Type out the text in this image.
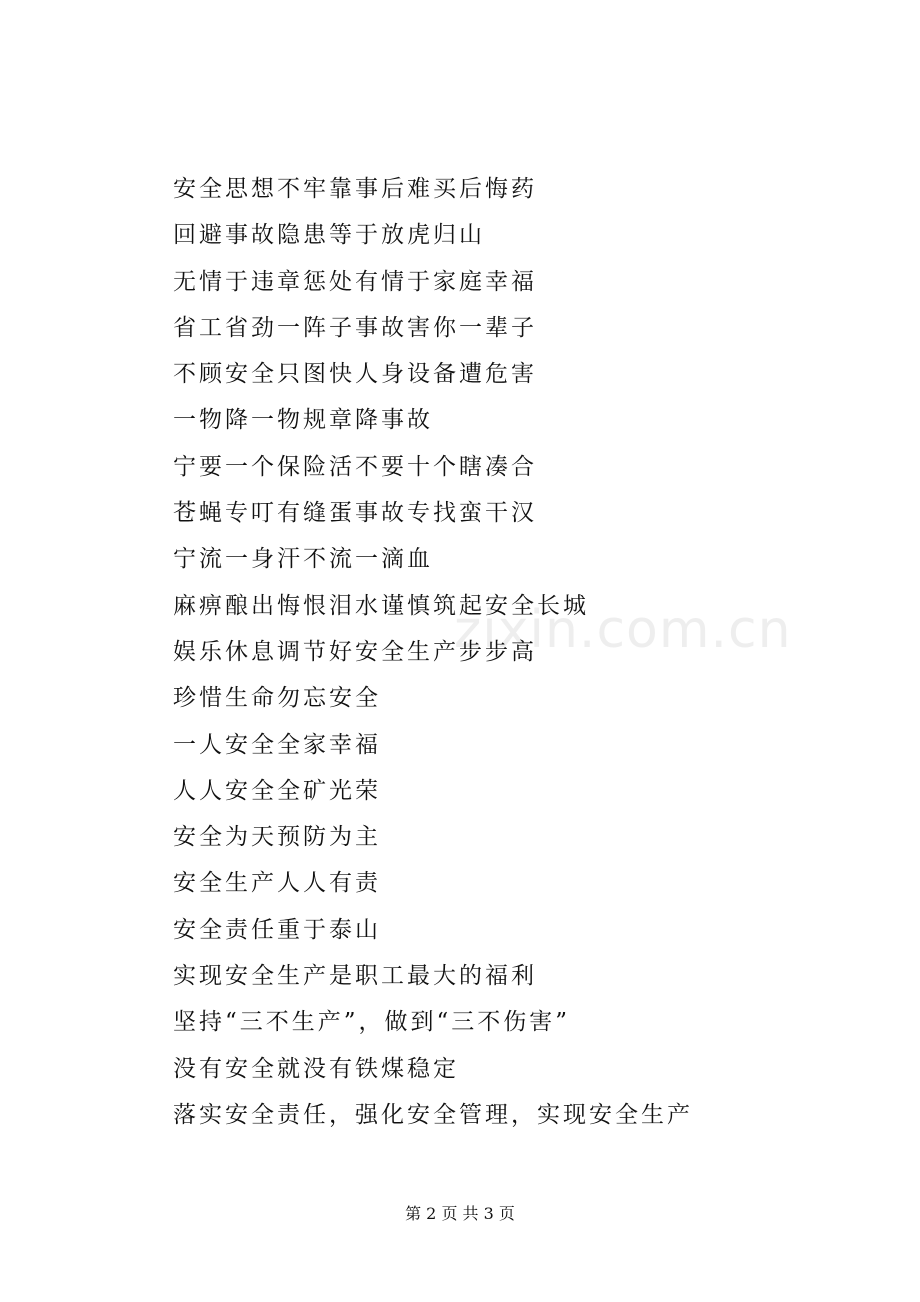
zixin.com.cn
安全思想不牢靠事后难买后悔药
回避事故隐患等于放虎归山
无情于违章惩处有情于家庭幸福
省工省劲一阵子事故害你一辈子
不顾安全只图快人身设备遭危害
一物降一物规章降事故
宁要一个保险活不要十个瞎凑合
苍蝇专叮有缝蛋事故专找蛮干汉
宁流一身汗不流一滴血
麻痹酿出悔恨泪水谨慎筑起安全长城
娱乐休息调节好安全生产步步高
珍惜生命勿忘安全
一人安全全家幸福
人人安全全矿光荣
安全为天预防为主
安全生产人人有责
安全责任重于泰山
实现安全生产是职工最大的福利
坚持“三不生产”，做到“三不伤害”
没有安全就没有铁煤稳定
落实安全责任，强化安全管理，实现安全生产
第 2 页 共 3 页
